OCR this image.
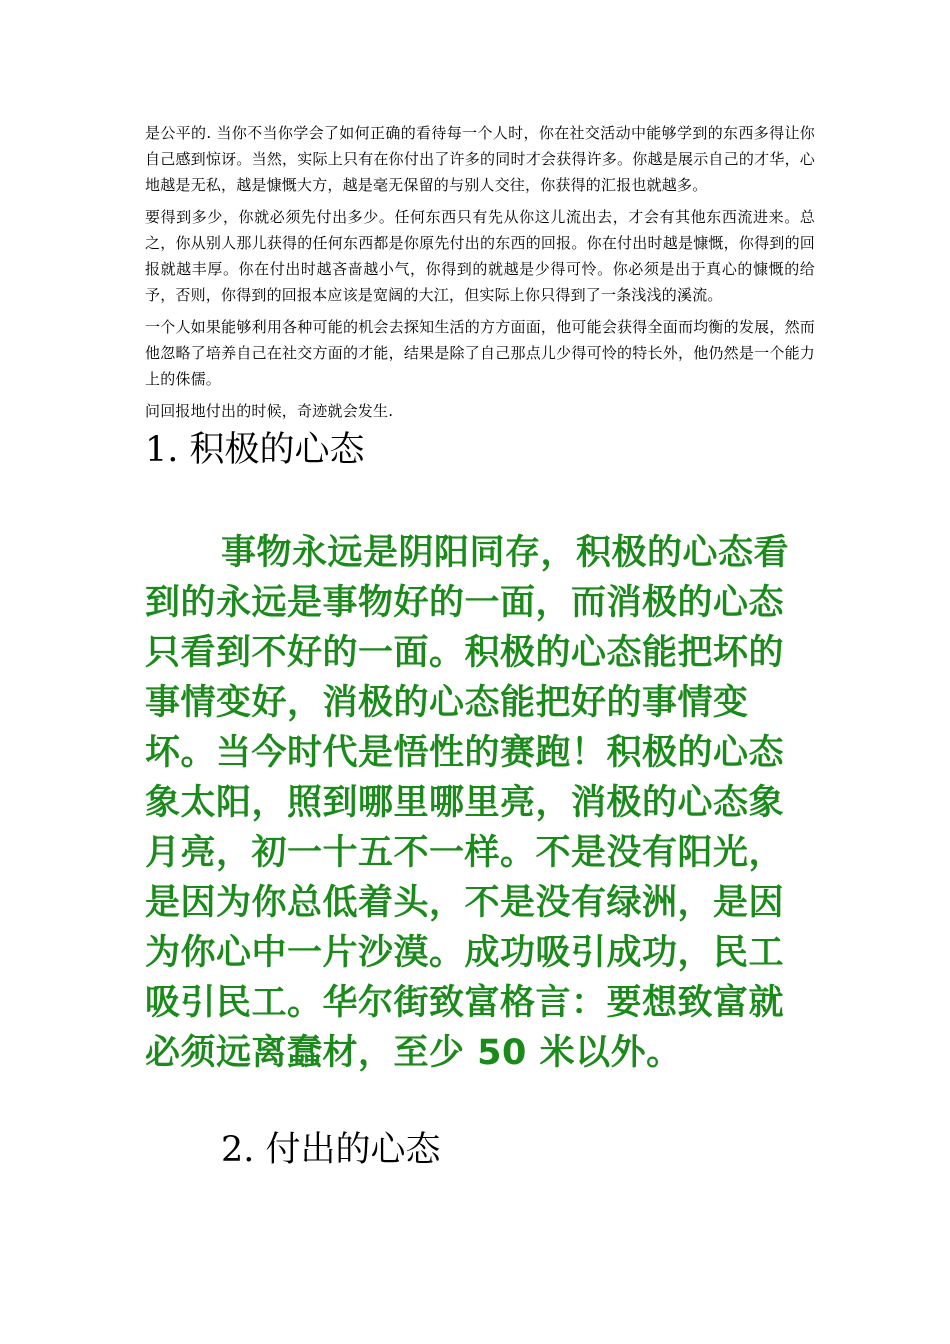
是公平的. 当你不当你学会了如何正确的看待每一个人时，你在社交活动中能够学到的东西多得让你自己感到惊讶。当然，实际上只有在你付出了许多的同时才会获得许多。你越是展示自己的才华，心地越是无私，越是慷慨大方，越是毫无保留的与别人交往，你获得的汇报也就越多。

要得到多少，你就必须先付出多少。任何东西只有先从你这儿流出去，才会有其他东西流进来。总之，你从别人那儿获得的任何东西都是你原先付出的东西的回报。你在付出时越是慷慨，你得到的回报就越丰厚。你在付出时越吝啬越小气，你得到的就越是少得可怜。你必须是出于真心的慷慨的给予，否则，你得到的回报本应该是宽阔的大江，但实际上你只得到了一条浅浅的溪流。

一个人如果能够利用各种可能的机会去探知生活的方方面面，他可能会获得全面而均衡的发展，然而他忽略了培养自己在社交方面的才能，结果是除了自己那点儿少得可怜的特长外，他仍然是一个能力上的侏儒。

问回报地付出的时候，奇迹就会发生.

1. 积极的心态

事物永远是阴阳同存，积极的心态看到的永远是事物好的一面，而消极的心态只看到不好的一面。积极的心态能把坏的事情变好，消极的心态能把好的事情变坏。当今时代是悟性的赛跑！积极的心态象太阳，照到哪里哪里亮，消极的心态象月亮，初一十五不一样。不是没有阳光，是因为你总低着头，不是没有绿洲，是因为你心中一片沙漠。成功吸引成功，民工吸引民工。华尔街致富格言：要想致富就必须远离蠢材，至少 50 米以外。

2. 付出的心态
